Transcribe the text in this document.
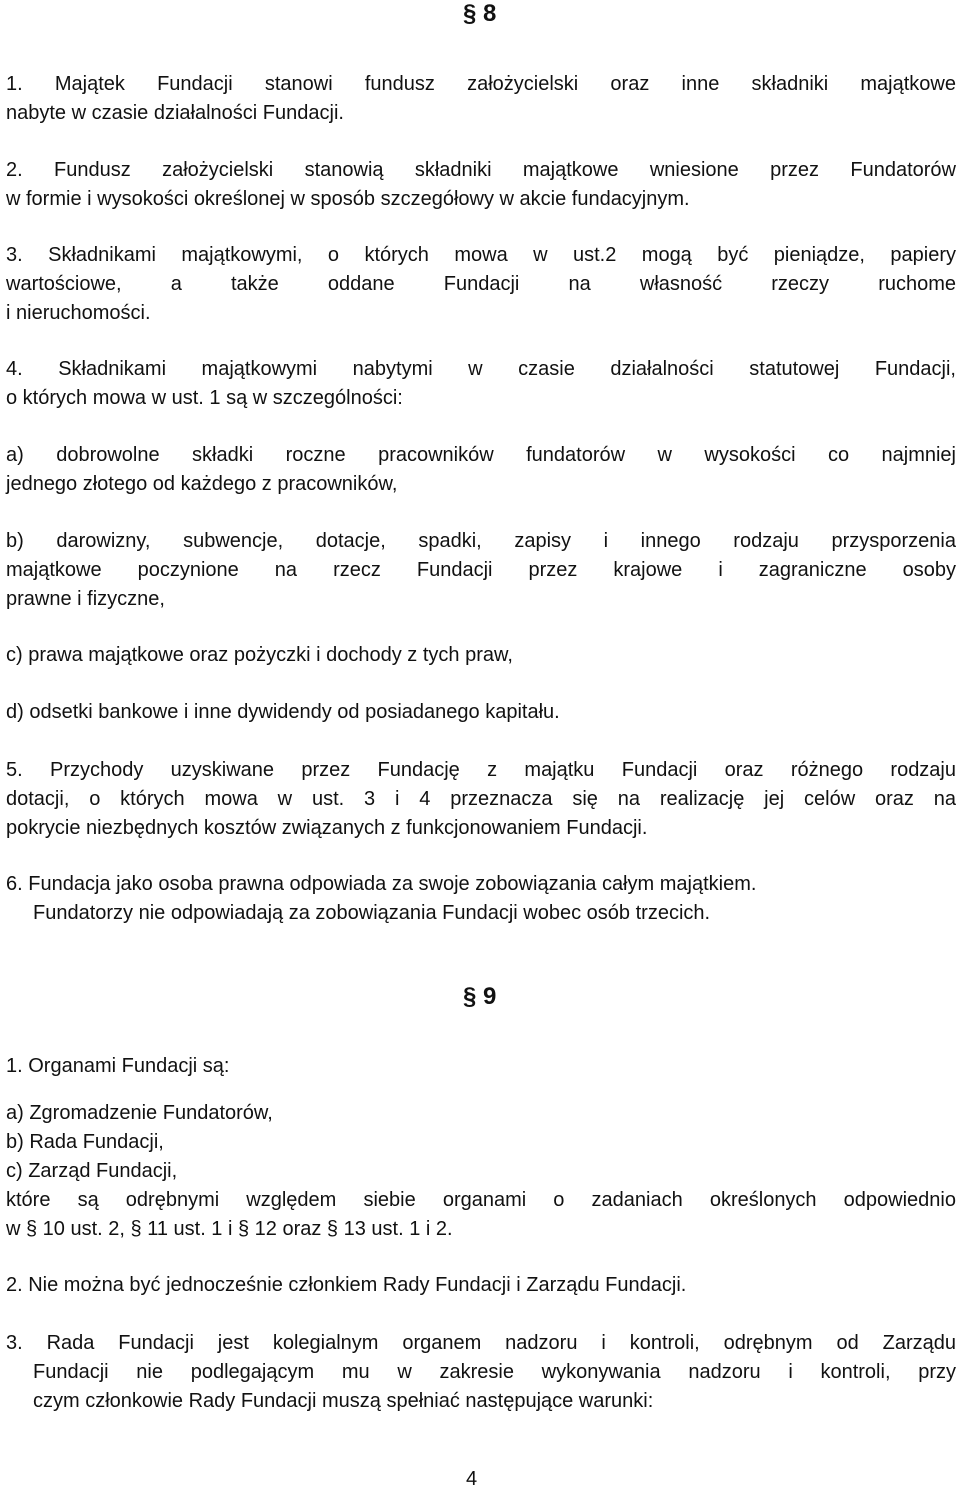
§ 8
1. Majątek Fundacji stanowi fundusz założycielski oraz inne składniki majątkowe
nabyte w czasie działalności Fundacji.
2. Fundusz założycielski stanowią składniki majątkowe wniesione przez Fundatorów
w formie i wysokości określonej w sposób szczegółowy w akcie fundacyjnym.
3. Składnikami majątkowymi, o których mowa w ust.2 mogą być pieniądze, papiery
wartościowe, a także oddane Fundacji na własność rzeczy ruchome
i nieruchomości.
4. Składnikami majątkowymi nabytymi w czasie działalności statutowej Fundacji,
o których mowa w ust. 1 są w szczególności:
a) dobrowolne składki roczne pracowników fundatorów w wysokości co najmniej
jednego złotego od każdego z pracowników,
b) darowizny, subwencje, dotacje, spadki, zapisy i innego rodzaju przysporzenia
majątkowe poczynione na rzecz Fundacji przez krajowe i zagraniczne osoby
prawne i fizyczne,
c) prawa majątkowe oraz pożyczki i dochody z tych praw,
d) odsetki bankowe i inne dywidendy od posiadanego kapitału.
5. Przychody uzyskiwane przez Fundację z majątku Fundacji oraz różnego rodzaju
dotacji, o których mowa w ust. 3 i 4 przeznacza się na realizację jej celów oraz na
pokrycie niezbędnych kosztów związanych z funkcjonowaniem Fundacji.
6. Fundacja jako osoba prawna odpowiada za swoje zobowiązania całym majątkiem.
Fundatorzy nie odpowiadają za zobowiązania Fundacji wobec osób trzecich.
§ 9
1. Organami Fundacji są:
a) Zgromadzenie Fundatorów,
b) Rada Fundacji,
c) Zarząd Fundacji,
które są odrębnymi względem siebie organami o zadaniach określonych odpowiednio
w § 10 ust. 2, § 11 ust. 1 i § 12 oraz § 13 ust. 1 i 2.
2. Nie można być jednocześnie członkiem Rady Fundacji i Zarządu Fundacji.
3. Rada Fundacji jest kolegialnym organem nadzoru i kontroli, odrębnym od Zarządu
Fundacji nie podlegającym mu w zakresie wykonywania nadzoru i kontroli, przy
czym członkowie Rady Fundacji muszą spełniać następujące warunki:
4
